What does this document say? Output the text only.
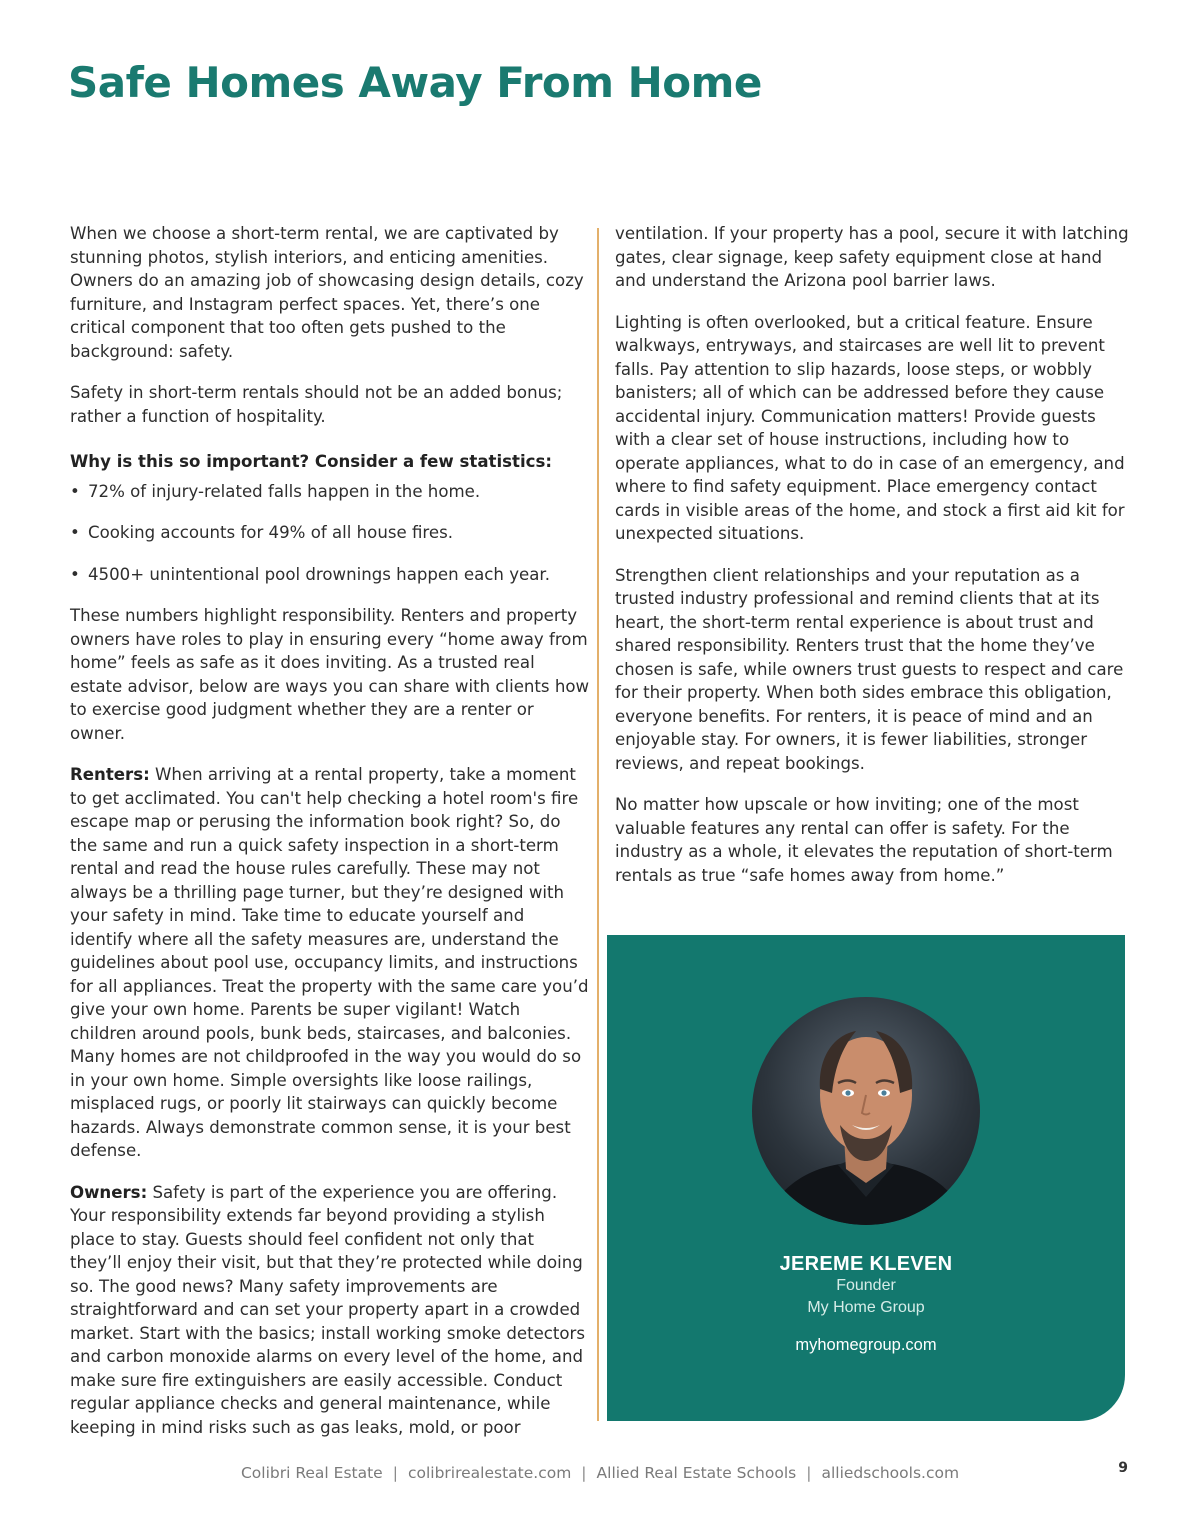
Safe Homes Away From Home

When we choose a short-term rental, we are captivated by stunning photos, stylish interiors, and enticing amenities. Owners do an amazing job of showcasing design details, cozy furniture, and Instagram perfect spaces. Yet, there’s one critical component that too often gets pushed to the background: safety.

Safety in short-term rentals should not be an added bonus; rather a function of hospitality.

Why is this so important? Consider a few statistics:
• 72% of injury-related falls happen in the home.
• Cooking accounts for 49% of all house fires.
• 4500+ unintentional pool drownings happen each year.

These numbers highlight responsibility. Renters and property owners have roles to play in ensuring every “home away from home” feels as safe as it does inviting. As a trusted real estate advisor, below are ways you can share with clients how to exercise good judgment whether they are a renter or owner.

Renters: When arriving at a rental property, take a moment to get acclimated. You can't help checking a hotel room's fire escape map or perusing the information book right? So, do the same and run a quick safety inspection in a short-term rental and read the house rules carefully. These may not always be a thrilling page turner, but they’re designed with your safety in mind. Take time to educate yourself and identify where all the safety measures are, understand the guidelines about pool use, occupancy limits, and instructions for all appliances. Treat the property with the same care you’d give your own home. Parents be super vigilant! Watch children around pools, bunk beds, staircases, and balconies. Many homes are not childproofed in the way you would do so in your own home. Simple oversights like loose railings, misplaced rugs, or poorly lit stairways can quickly become hazards. Always demonstrate common sense, it is your best defense.

Owners: Safety is part of the experience you are offering. Your responsibility extends far beyond providing a stylish place to stay. Guests should feel confident not only that they’ll enjoy their visit, but that they’re protected while doing so. The good news? Many safety improvements are straightforward and can set your property apart in a crowded market. Start with the basics; install working smoke detectors and carbon monoxide alarms on every level of the home, and make sure fire extinguishers are easily accessible. Conduct regular appliance checks and general maintenance, while keeping in mind risks such as gas leaks, mold, or poor

ventilation. If your property has a pool, secure it with latching gates, clear signage, keep safety equipment close at hand and understand the Arizona pool barrier laws.

Lighting is often overlooked, but a critical feature. Ensure walkways, entryways, and staircases are well lit to prevent falls. Pay attention to slip hazards, loose steps, or wobbly banisters; all of which can be addressed before they cause accidental injury. Communication matters! Provide guests with a clear set of house instructions, including how to operate appliances, what to do in case of an emergency, and where to find safety equipment. Place emergency contact cards in visible areas of the home, and stock a first aid kit for unexpected situations.

Strengthen client relationships and your reputation as a trusted industry professional and remind clients that at its heart, the short-term rental experience is about trust and shared responsibility. Renters trust that the home they’ve chosen is safe, while owners trust guests to respect and care for their property. When both sides embrace this obligation, everyone benefits. For renters, it is peace of mind and an enjoyable stay. For owners, it is fewer liabilities, stronger reviews, and repeat bookings.

No matter how upscale or how inviting; one of the most valuable features any rental can offer is safety. For the industry as a whole, it elevates the reputation of short-term rentals as true “safe homes away from home.”

JEREME KLEVEN
Founder
My Home Group
myhomegroup.com
Colibri Real Estate | colibrirealestate.com | Allied Real Estate Schools | alliedschools.com	9
